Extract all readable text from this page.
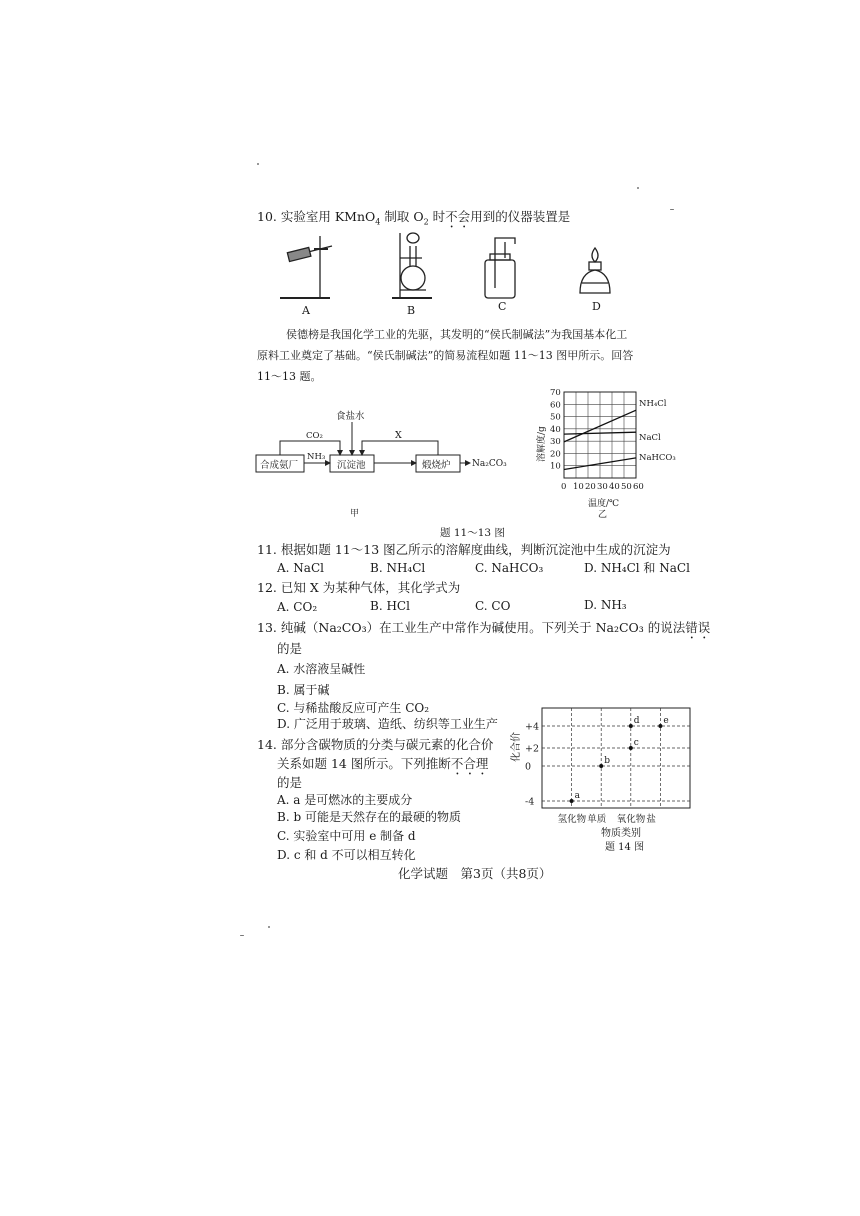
10. 实验室用 KMnO$_4$ 制取 $O_2$ 时不会用到的仪器装置是
A	B	C	D
侯德榜是我国化学工业的先驱，其发明的“侯氏制碱法”为我国基本化工
原料工业奠定了基础。“侯氏制碱法”的简易流程如题 11～13 图甲所示。回答
11～13 题。
合成氨厂
NH₃
CO₂
食盐水
沉淀池
X
煅烧炉 Na₂CO₃
甲
NH₄Cl
NaCl
NaHCO₃
0 10 20 30 40 50 60
10
20
30
40
50
60
70
溶解度/g
温度/℃
乙
题 11～13 图
11. 根据如题 11～13 图乙所示的溶解度曲线，判断沉淀池中生成的沉淀为
A. NaCl	B. NH₄Cl	C. NaHCO₃	D. NH₄Cl 和 NaCl
12. 已知 X 为某种气体，其化学式为
A. CO₂	B. HCl	C. CO	D. NH₃
13. 纯碱（Na₂CO₃）在工业生产中常作为碱使用。下列关于 Na₂CO₃ 的说法错误
的是
A. 水溶液呈碱性
B. 属于碱
C. 与稀盐酸反应可产生 CO₂
D. 广泛用于玻璃、造纸、纺织等工业生产
14. 部分含碳物质的分类与碳元素的化合价
关系如题 14 图所示。下列推断不合理
的是
A. a 是可燃冰的主要成分
B. b 可能是天然存在的最硬的物质
C. 实验室中可用 e 制备 d
D. c 和 d 不可以相互转化
+4
+2
0
-4
氢化物 单质 氧化物 盐
a
b
c
d	e
化合价
物质类别
题 14 图
化学试题　第3页（共8页）
